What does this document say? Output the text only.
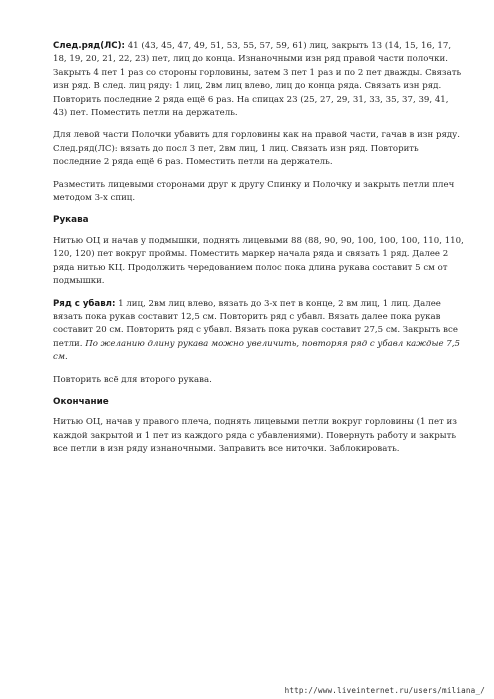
След.ряд(ЛС): 41 (43, 45, 47, 49, 51, 53, 55, 57, 59, 61) лиц, закрыть 13 (14, 15, 16, 17, 18, 19, 20, 21, 22, 23) пет, лиц до конца. Изнаночными изн ряд правой части полочки. Закрыть 4 пет 1 раз со стороны горловины, затем 3 пет 1 раз и по 2 пет дважды. Связать изн ряд. В след. лиц ряду: 1 лиц, 2вм лиц влево, лиц до конца ряда. Связать изн ряд. Повторить последние 2 ряда ещё 6 раз. На спицах 23 (25, 27, 29, 31, 33, 35, 37, 39, 41, 43) пет. Поместить петли на держатель.

Для левой части Полочки убавить для горловины как на правой части, гачав в изн ряду. След.ряд(ЛС): вязать до посл 3 пет, 2вм лиц, 1 лиц. Связать изн ряд. Повторить последние 2 ряда ещё 6 раз. Поместить петли на держатель.

Разместить лицевыми сторонами друг к другу Спинку и Полочку и закрыть петли плеч методом 3-х спиц.

Рукава

Нитью ОЦ и начав у подмышки, поднять лицевыми 88 (88, 90, 90, 100, 100, 100, 110, 110, 120, 120) пет вокруг проймы. Поместить маркер начала ряда и связать 1 ряд. Далее 2 ряда нитью КЦ. Продолжить чередованием полос пока длина рукава составит 5 см от подмышки.

Ряд с убавл: 1 лиц, 2вм лиц влево, вязать до 3-х пет в конце, 2 вм лиц, 1 лиц. Далее вязать пока рукав составит 12,5 см. Повторить ряд с убавл. Вязать далее пока рукав составит 20 см. Повторить ряд с убавл. Вязать пока рукав составит 27,5 см. Закрыть все петли. По желанию длину рукава можно увеличить, повторяя ряд с убавл каждые 7,5 см.

Повторить всё для второго рукава.

Окончание

Нитью ОЦ, начав у правого плеча, поднять лицевыми петли вокруг горловины (1 пет из каждой закрытой и 1 пет из каждого ряда с убавлениями). Повернуть работу и закрыть все петли в изн ряду изнаночными. Заправить все ниточки. Заблокировать.

http://www.liveinternet.ru/users/miliana_/
